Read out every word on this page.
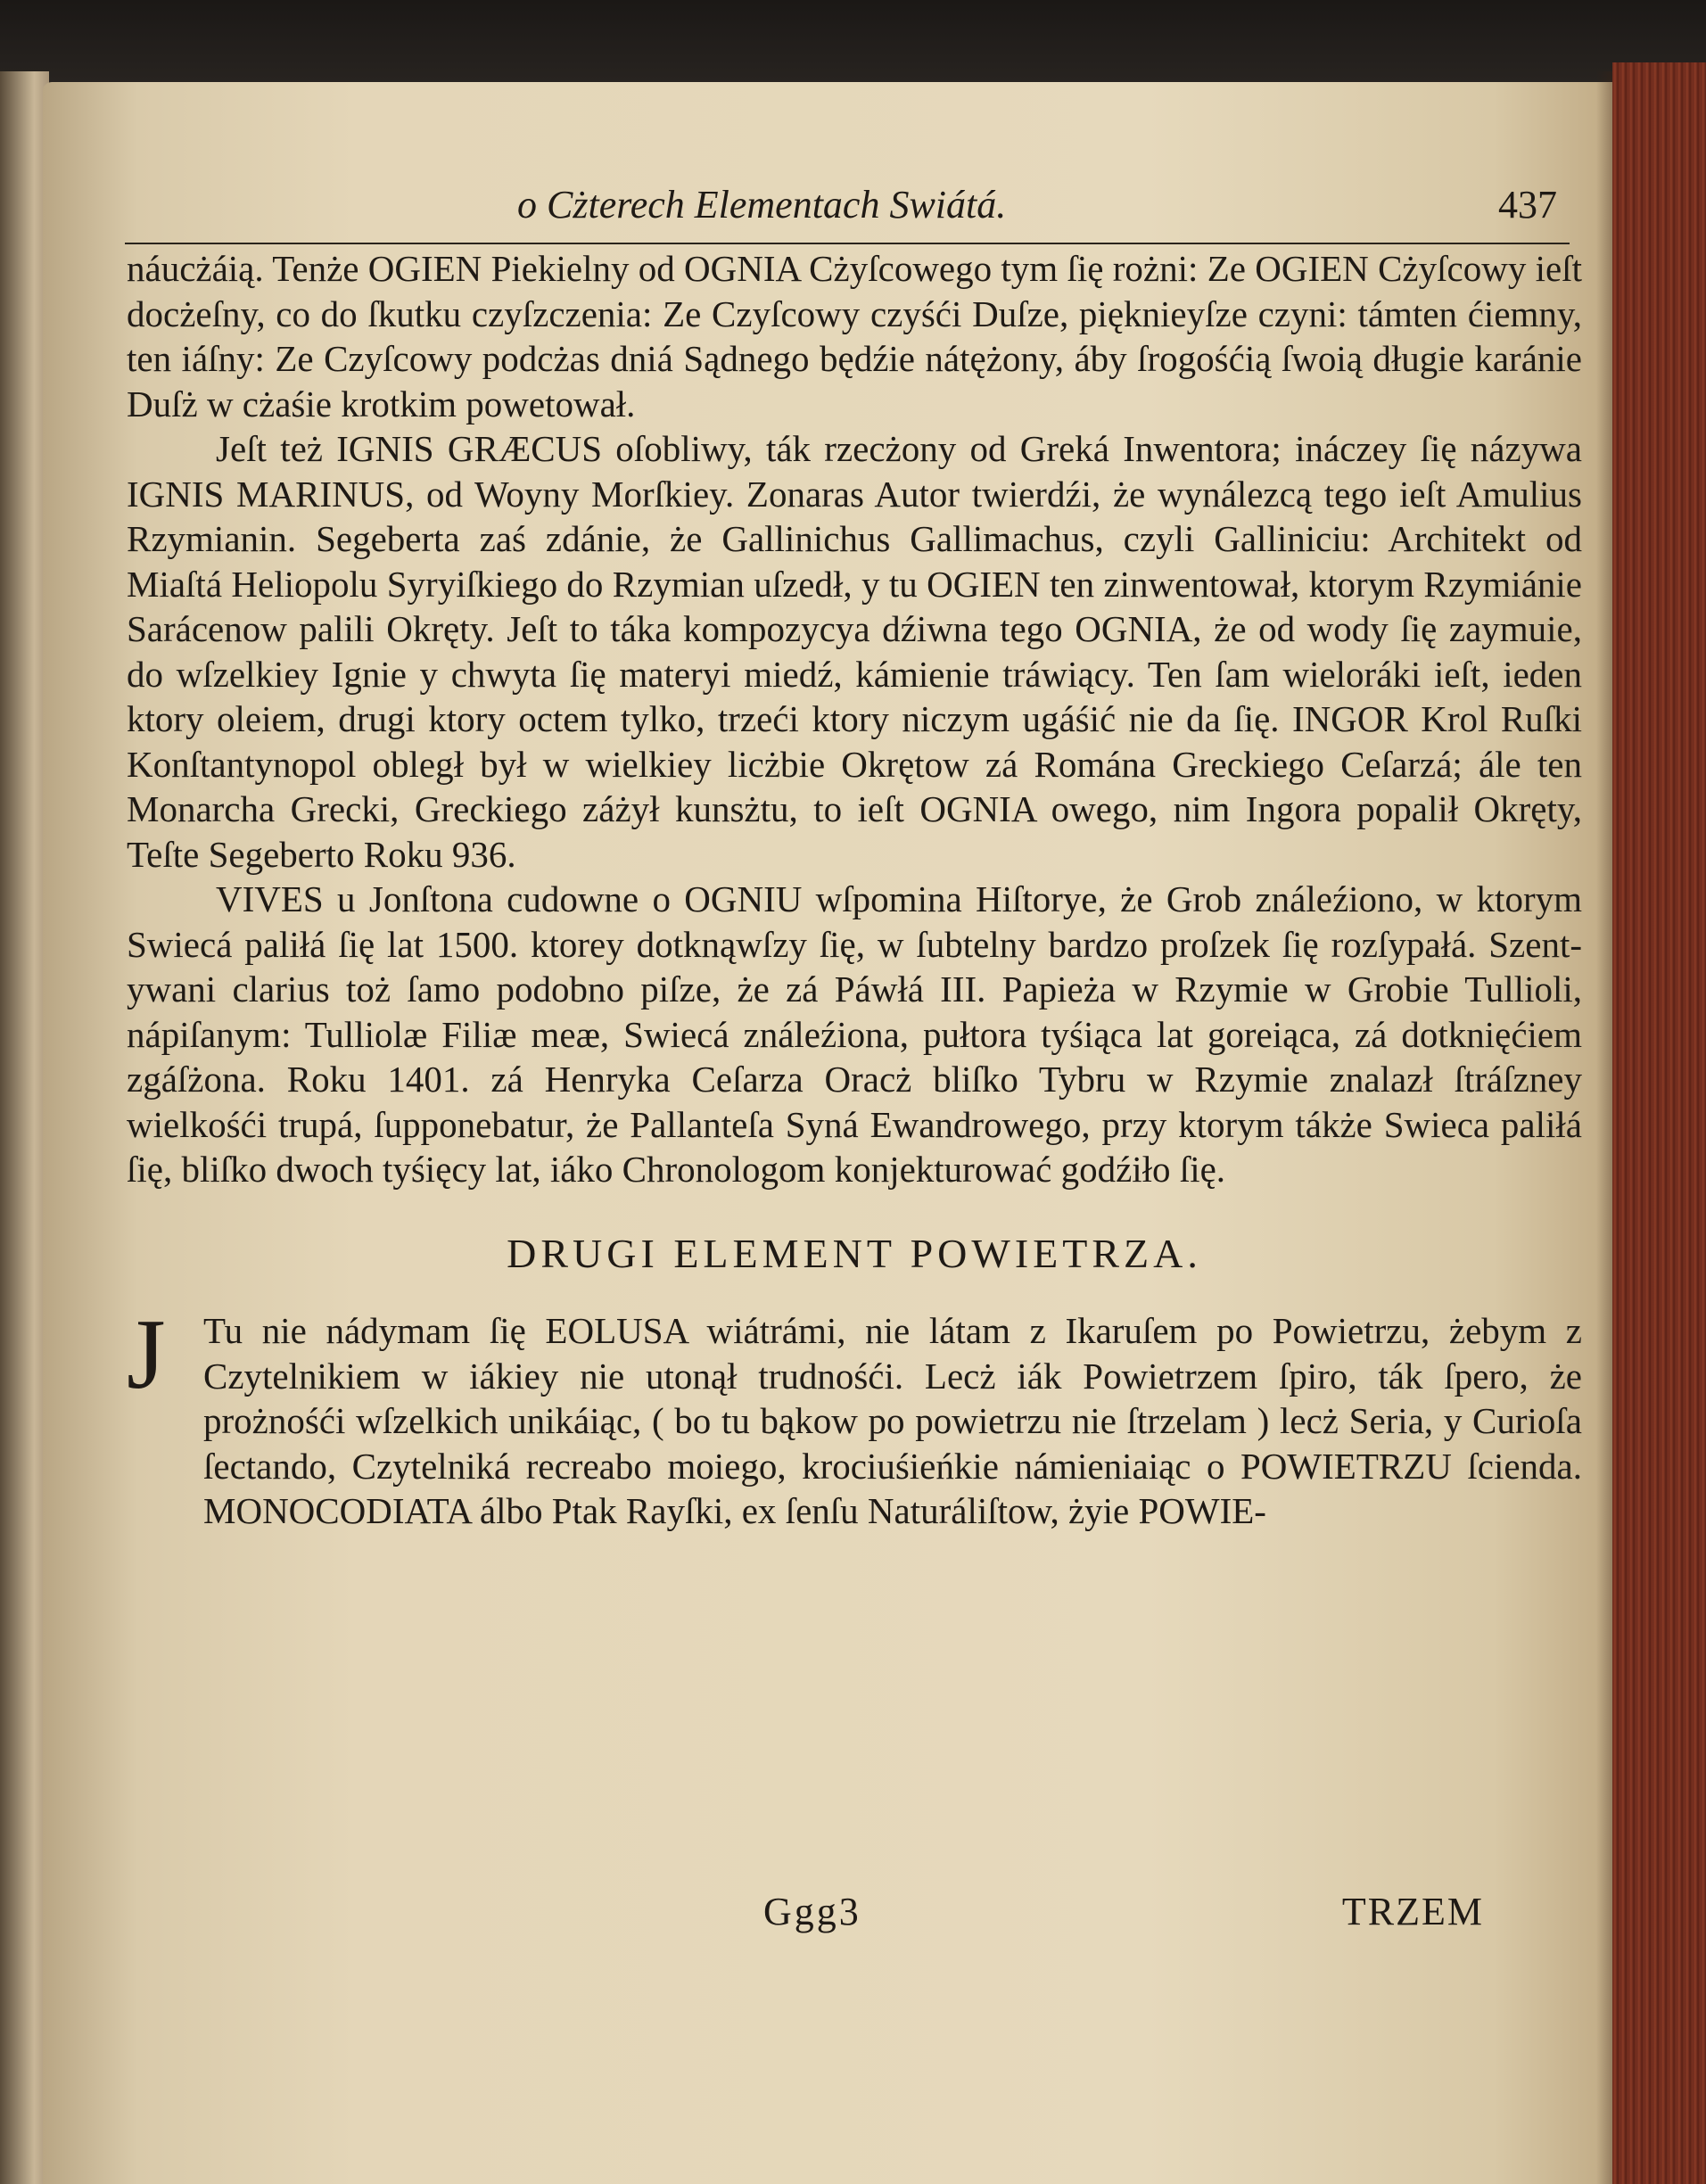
o Cżterech Elementach Swiátá.	437

náucżáią. Tenże OGIEN Piekielny od OGNIA Cżyſcowego tym ſię rożni: Ze OGIEN Cżyſcowy ieſt docżeſny, co do ſkutku czyſzczenia: Ze Czyſcowy czyśći Duſze, pięknieyſze czyni: támten ćiemny, ten iáſny: Ze Czyſcowy podcżas dniá Sądnego będźie nátężony, áby ſrogośćią ſwoią długie karánie Duſż w cżaśie krotkim powetował.

Jeſt też IGNIS GRÆCUS oſobliwy, ták rzecżony od Greká Inwentora; ináczey ſię názywa IGNIS MARINUS, od Woyny Morſkiey. Zonaras Autor twierdźi, że wynálezcą tego ieſt Amulius Rzymianin. Segeberta zaś zdánie, że Gallinichus Gallimachus, czyli Galliniciu: Architekt od Miaſtá Heliopolu Syryiſkiego do Rzymian uſzedł, y tu OGIEN ten zinwentował, ktorym Rzymiánie Sarácenow palili Okręty. Jeſt to táka kompozycya dźiwna tego OGNIA, że od wody ſię zaymuie, do wſzelkiey Ignie y chwyta ſię materyi miedź, kámienie tráwiący. Ten ſam wieloráki ieſt, ieden ktory oleiem, drugi ktory octem tylko, trzeći ktory niczym ugáśić nie da ſię. INGOR Krol Ruſki Konſtantynopol obległ był w wielkiey licżbie Okrętow zá Romána Greckiego Ceſarzá; ále ten Monarcha Grecki, Greckiego záżył kunsżtu, to ieſt OGNIA owego, nim Ingora popalił Okręty, Teſte Segeberto Roku 936.

VIVES u Jonſtona cudowne o OGNIU wſpomina Hiſtorye, że Grob ználeźiono, w ktorym Swiecá paliłá ſię lat 1500. ktorey dotknąwſzy ſię, w ſubtelny bardzo proſzek ſię rozſypałá. Szent-ywani clarius toż ſamo podobno piſze, że zá Páwłá III. Papieża w Rzymie w Grobie Tullioli, nápiſanym: Tulliolæ Filiæ meæ, Swiecá ználeźiona, pułtora tyśiąca lat goreiąca, zá dotknięćiem zgáſżona. Roku 1401. zá Henryka Ceſarza Oracż bliſko Tybru w Rzymie znalazł ſtráſzney wielkośći trupá, ſupponebatur, że Pallanteſa Syná Ewandrowego, przy ktorym tákże Swieca paliłá ſię, bliſko dwoch tyśięcy lat, iáko Chronologom konjekturować godźiło ſię.

DRUGI ELEMENT POWIETRZA.
J Tu nie nádymam ſię EOLUSA wiátrámi, nie látam z Ikaruſem po Powietrzu, żebym z Czytelnikiem w iákiey nie utonął trudnośći. Lecż iák Powietrzem ſpiro, ták ſpero, że prożnośći wſzelkich unikáiąc, ( bo tu bąkow po powietrzu nie ſtrzelam ) lecż Seria, y Curioſa ſectando, Czytelniká recreabo moiego, krociuśieńkie námieniaiąc o POWIETRZU ſcienda. MONOCODIATA álbo Ptak Rayſki, ex ſenſu Naturáliſtow, żyie POWIE-

Ggg3	TRZEM
